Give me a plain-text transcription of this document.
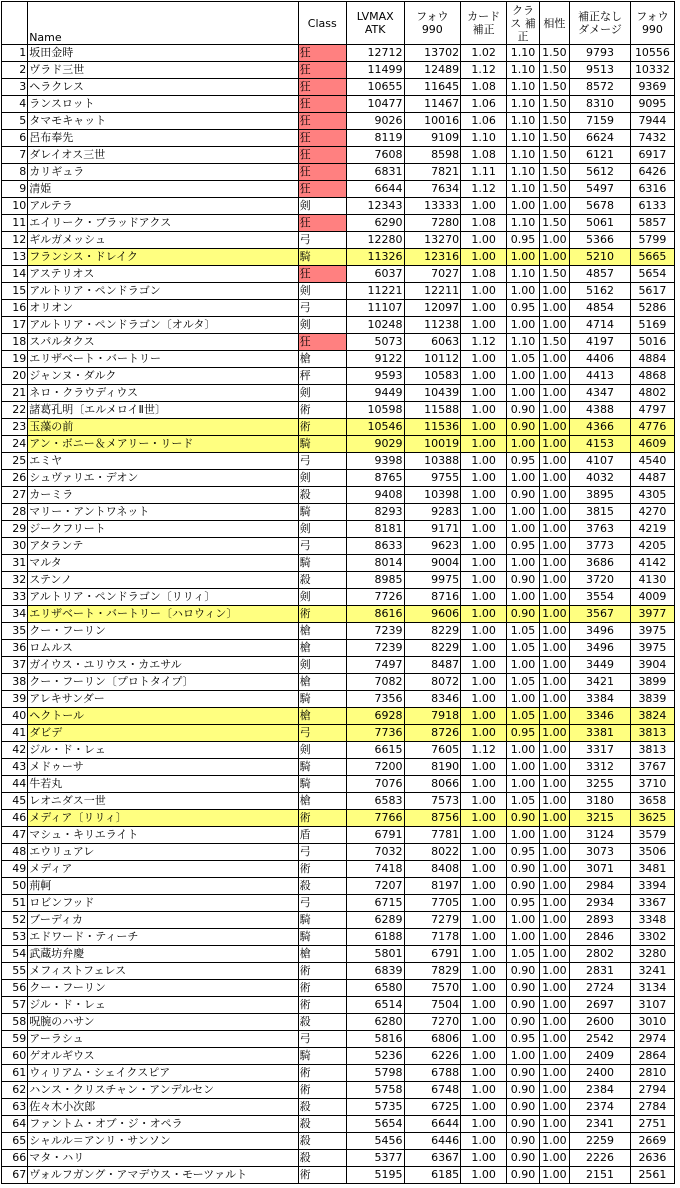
	Name	Class	LVMAX ATK	フォウ 990	カード 補正	クラス 補正	相性	補正なし ダメージ	フォウ 990
1	坂田金時	狂	12712	13702	1.02	1.10	1.50	9793	10556
2	ヴラド三世	狂	11499	12489	1.12	1.10	1.50	9513	10332
3	ヘラクレス	狂	10655	11645	1.08	1.10	1.50	8572	9369
4	ランスロット	狂	10477	11467	1.06	1.10	1.50	8310	9095
5	タマモキャット	狂	9026	10016	1.06	1.10	1.50	7159	7944
6	呂布奉先	狂	8119	9109	1.10	1.10	1.50	6624	7432
7	ダレイオス三世	狂	7608	8598	1.08	1.10	1.50	6121	6917
8	カリギュラ	狂	6831	7821	1.11	1.10	1.50	5612	6426
9	清姫	狂	6644	7634	1.12	1.10	1.50	5497	6316
10	アルテラ	剣	12343	13333	1.00	1.00	1.00	5678	6133
11	エイリーク・ブラッドアクス	狂	6290	7280	1.08	1.10	1.50	5061	5857
12	ギルガメッシュ	弓	12280	13270	1.00	0.95	1.00	5366	5799
13	フランシス・ドレイク	騎	11326	12316	1.00	1.00	1.00	5210	5665
14	アステリオス	狂	6037	7027	1.08	1.10	1.50	4857	5654
15	アルトリア・ペンドラゴン	剣	11221	12211	1.00	1.00	1.00	5162	5617
16	オリオン	弓	11107	12097	1.00	0.95	1.00	4854	5286
17	アルトリア・ペンドラゴン〔オルタ〕	剣	10248	11238	1.00	1.00	1.00	4714	5169
18	スパルタクス	狂	5073	6063	1.12	1.10	1.50	4197	5016
19	エリザベート・バートリー	槍	9122	10112	1.00	1.05	1.00	4406	4884
20	ジャンヌ・ダルク	秤	9593	10583	1.00	1.00	1.00	4413	4868
21	ネロ・クラウディウス	剣	9449	10439	1.00	1.00	1.00	4347	4802
22	諸葛孔明〔エルメロイⅡ世〕	術	10598	11588	1.00	0.90	1.00	4388	4797
23	玉藻の前	術	10546	11536	1.00	0.90	1.00	4366	4776
24	アン・ボニー＆メアリー・リード	騎	9029	10019	1.00	1.00	1.00	4153	4609
25	エミヤ	弓	9398	10388	1.00	0.95	1.00	4107	4540
26	シュヴァリエ・デオン	剣	8765	9755	1.00	1.00	1.00	4032	4487
27	カーミラ	殺	9408	10398	1.00	0.90	1.00	3895	4305
28	マリー・アントワネット	騎	8293	9283	1.00	1.00	1.00	3815	4270
29	ジークフリート	剣	8181	9171	1.00	1.00	1.00	3763	4219
30	アタランテ	弓	8633	9623	1.00	0.95	1.00	3773	4205
31	マルタ	騎	8014	9004	1.00	1.00	1.00	3686	4142
32	ステンノ	殺	8985	9975	1.00	0.90	1.00	3720	4130
33	アルトリア・ペンドラゴン〔リリィ〕	剣	7726	8716	1.00	1.00	1.00	3554	4009
34	エリザベート・バートリー〔ハロウィン〕	術	8616	9606	1.00	0.90	1.00	3567	3977
35	クー・フーリン	槍	7239	8229	1.00	1.05	1.00	3496	3975
36	ロムルス	槍	7239	8229	1.00	1.05	1.00	3496	3975
37	ガイウス・ユリウス・カエサル	剣	7497	8487	1.00	1.00	1.00	3449	3904
38	クー・フーリン〔プロトタイプ〕	槍	7082	8072	1.00	1.05	1.00	3421	3899
39	アレキサンダー	騎	7356	8346	1.00	1.00	1.00	3384	3839
40	ヘクトール	槍	6928	7918	1.00	1.05	1.00	3346	3824
41	ダビデ	弓	7736	8726	1.00	0.95	1.00	3381	3813
42	ジル・ド・レェ	剣	6615	7605	1.12	1.00	1.00	3317	3813
43	メドゥーサ	騎	7200	8190	1.00	1.00	1.00	3312	3767
44	牛若丸	騎	7076	8066	1.00	1.00	1.00	3255	3710
45	レオニダス一世	槍	6583	7573	1.00	1.05	1.00	3180	3658
46	メディア〔リリィ〕	術	7766	8756	1.00	0.90	1.00	3215	3625
47	マシュ・キリエライト	盾	6791	7781	1.00	1.00	1.00	3124	3579
48	エウリュアレ	弓	7032	8022	1.00	0.95	1.00	3073	3506
49	メディア	術	7418	8408	1.00	0.90	1.00	3071	3481
50	荊軻	殺	7207	8197	1.00	0.90	1.00	2984	3394
51	ロビンフッド	弓	6715	7705	1.00	0.95	1.00	2934	3367
52	ブーディカ	騎	6289	7279	1.00	1.00	1.00	2893	3348
53	エドワード・ティーチ	騎	6188	7178	1.00	1.00	1.00	2846	3302
54	武蔵坊弁慶	槍	5801	6791	1.00	1.05	1.00	2802	3280
55	メフィストフェレス	術	6839	7829	1.00	0.90	1.00	2831	3241
56	クー・フーリン	術	6580	7570	1.00	0.90	1.00	2724	3134
57	ジル・ド・レェ	術	6514	7504	1.00	0.90	1.00	2697	3107
58	呪腕のハサン	殺	6280	7270	1.00	0.90	1.00	2600	3010
59	アーラシュ	弓	5816	6806	1.00	0.95	1.00	2542	2974
60	ゲオルギウス	騎	5236	6226	1.00	1.00	1.00	2409	2864
61	ウィリアム・シェイクスピア	術	5798	6788	1.00	0.90	1.00	2400	2810
62	ハンス・クリスチャン・アンデルセン	術	5758	6748	1.00	0.90	1.00	2384	2794
63	佐々木小次郎	殺	5735	6725	1.00	0.90	1.00	2374	2784
64	ファントム・オブ・ジ・オペラ	殺	5654	6644	1.00	0.90	1.00	2341	2751
65	シャルル＝アンリ・サンソン	殺	5456	6446	1.00	0.90	1.00	2259	2669
66	マタ・ハリ	殺	5377	6367	1.00	0.90	1.00	2226	2636
67	ヴォルフガング・アマデウス・モーツァルト	術	5195	6185	1.00	0.90	1.00	2151	2561
